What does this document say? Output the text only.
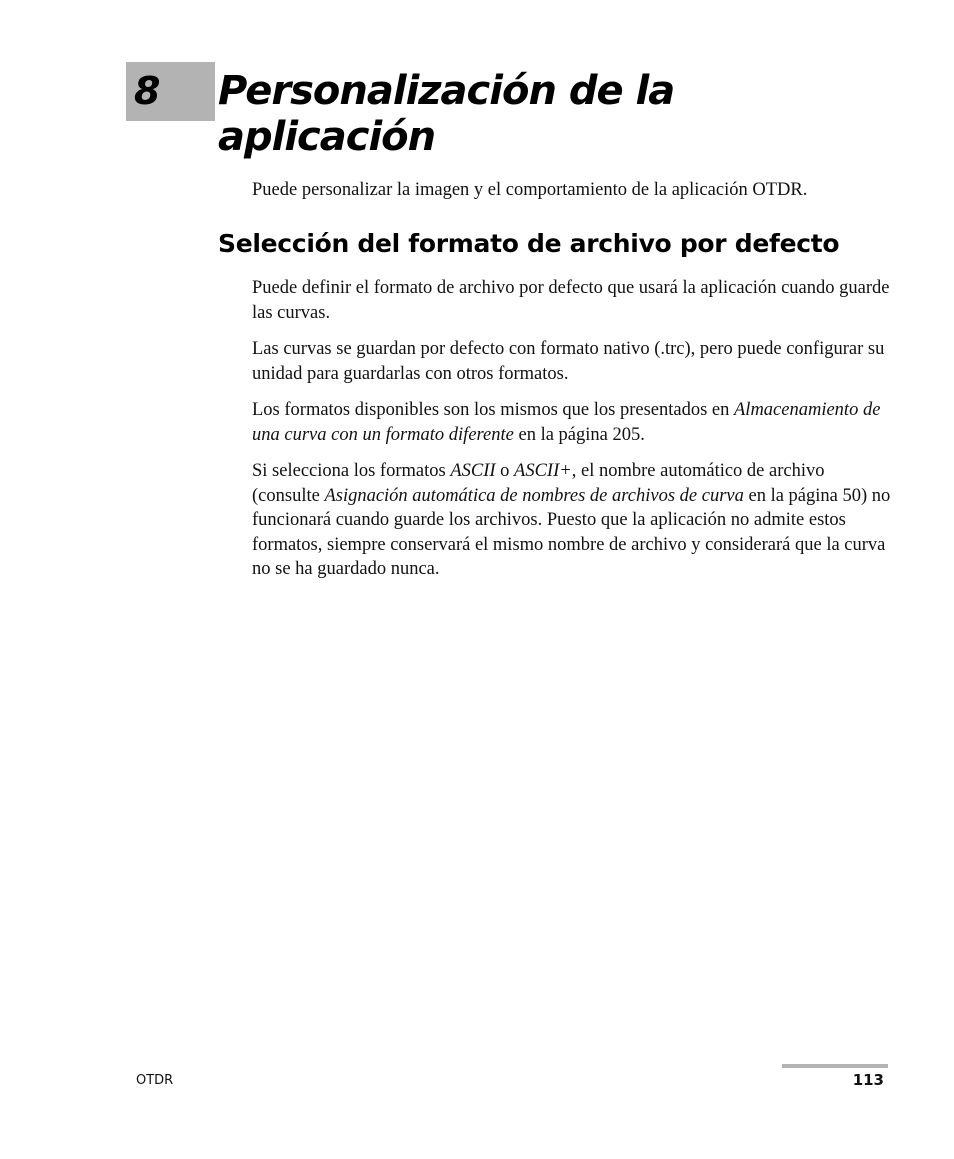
8 Personalización de la
aplicación

Puede personalizar la imagen y el comportamiento de la aplicación OTDR.

Selección del formato de archivo por defecto

Puede definir el formato de archivo por defecto que usará la aplicación cuando guarde las curvas.

Las curvas se guardan por defecto con formato nativo (.trc), pero puede configurar su unidad para guardarlas con otros formatos.

Los formatos disponibles son los mismos que los presentados en Almacenamiento de una curva con un formato diferente en la página 205.

Si selecciona los formatos ASCII o ASCII+, el nombre automático de archivo (consulte Asignación automática de nombres de archivos de curva en la página 50) no funcionará cuando guarde los archivos. Puesto que la aplicación no admite estos formatos, siempre conservará el mismo nombre de archivo y considerará que la curva no se ha guardado nunca.

OTDR	113
